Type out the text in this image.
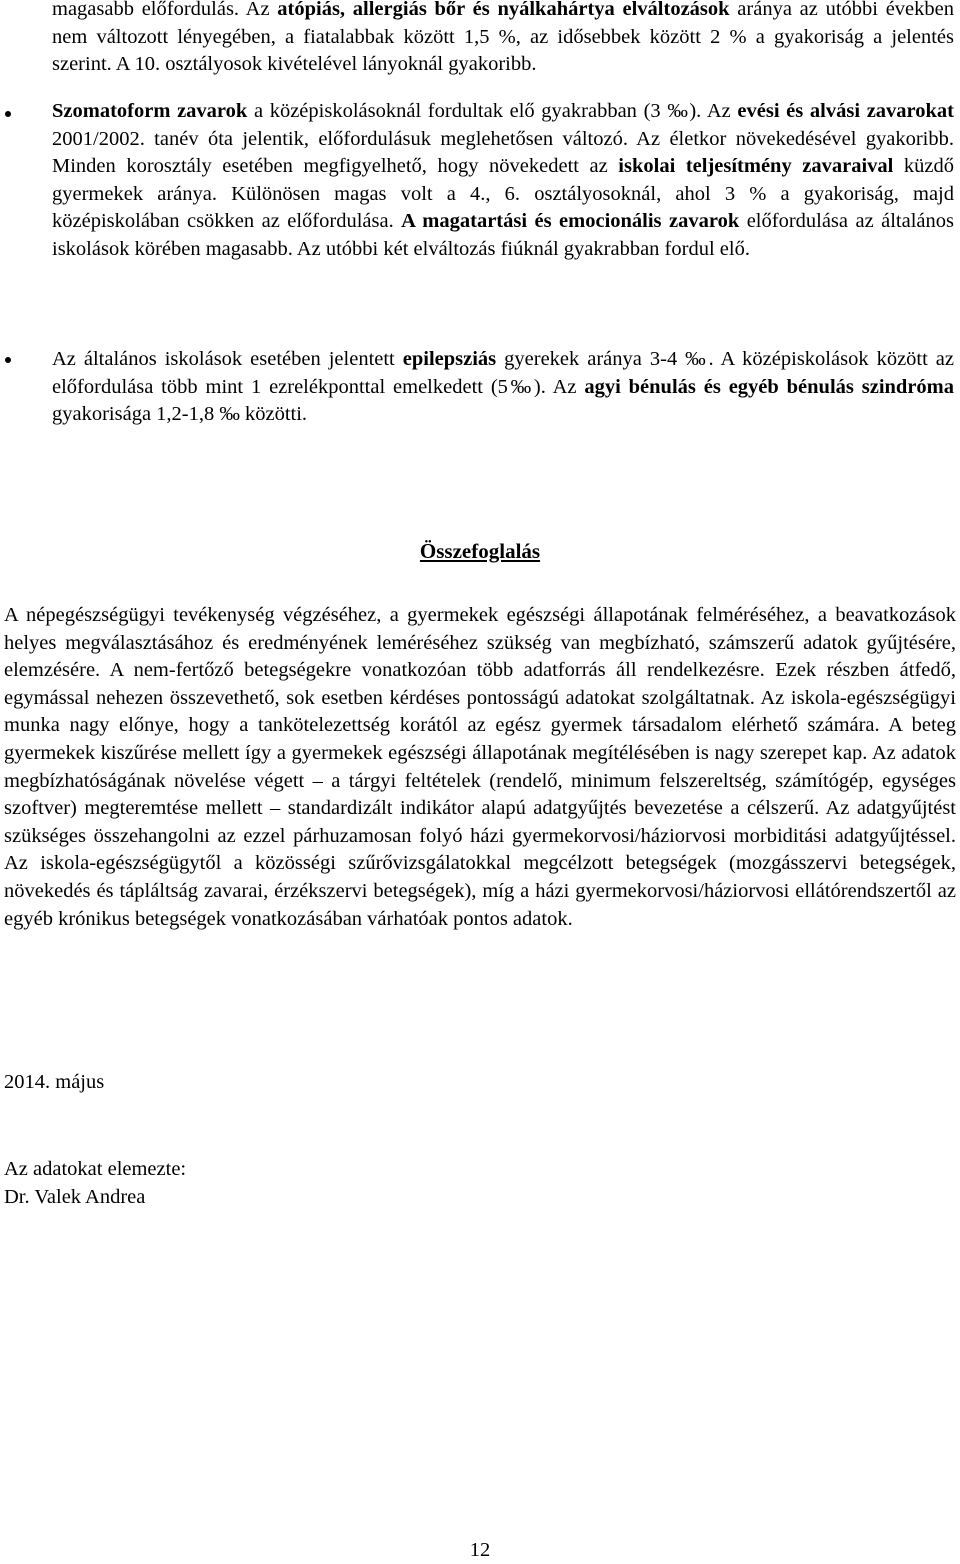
magasabb előfordulás. Az atópiás, allergiás bőr és nyálkahártya elváltozások aránya az utóbbi években nem változott lényegében, a fiatalabbak között 1,5 %, az idősebbek között 2 % a gyakoriság a jelentés szerint. A 10. osztályosok kivételével lányoknál gyakoribb.

Szomatoform zavarok a középiskolásoknál fordultak elő gyakrabban (3 ‰). Az evési és alvási zavarokat 2001/2002. tanév óta jelentik, előfordulásuk meglehetősen változó. Az életkor növekedésével gyakoribb. Minden korosztály esetében megfigyelhető, hogy növekedett az iskolai teljesítmény zavaraival küzdő gyermekek aránya. Különösen magas volt a 4., 6. osztályosoknál, ahol 3 % a gyakoriság, majd középiskolában csökken az előfordulása. A magatartási és emocionális zavarok előfordulása az általános iskolások körében magasabb. Az utóbbi két elváltozás fiúknál gyakrabban fordul elő.

Az általános iskolások esetében jelentett epilepsziás gyerekek aránya 3-4 ‰. A középiskolások között az előfordulása több mint 1 ezrelékponttal emelkedett (5‰). Az agyi bénulás és egyéb bénulás szindróma gyakorisága 1,2-1,8 ‰ közötti.

Összefoglalás

A népegészségügyi tevékenység végzéséhez, a gyermekek egészségi állapotának felméréséhez, a beavatkozások helyes megválasztásához és eredményének leméréséhez szükség van megbízható, számszerű adatok gyűjtésére, elemzésére. A nem-fertőző betegségekre vonatkozóan több adatforrás áll rendelkezésre. Ezek részben átfedő, egymással nehezen összevethető, sok esetben kérdéses pontosságú adatokat szolgáltatnak. Az iskola-egészségügyi munka nagy előnye, hogy a tankötelezettség korától az egész gyermek társadalom elérhető számára. A beteg gyermekek kiszűrése mellett így a gyermekek egészségi állapotának megítélésében is nagy szerepet kap. Az adatok megbízhatóságának növelése végett – a tárgyi feltételek (rendelő, minimum felszereltség, számítógép, egységes szoftver) megteremtése mellett – standardizált indikátor alapú adatgyűjtés bevezetése a célszerű. Az adatgyűjtést szükséges összehangolni az ezzel párhuzamosan folyó házi gyermekorvosi/háziorvosi morbiditási adatgyűjtéssel. Az iskola-egészségügytől a közösségi szűrővizsgálatokkal megcélzott betegségek (mozgásszervi betegségek, növekedés és tápláltság zavarai, érzékszervi betegségek), míg a házi gyermekorvosi/háziorvosi ellátórendszertől az egyéb krónikus betegségek vonatkozásában várhatóak pontos adatok.

2014. május

Az adatokat elemezte:
Dr. Valek Andrea

12
